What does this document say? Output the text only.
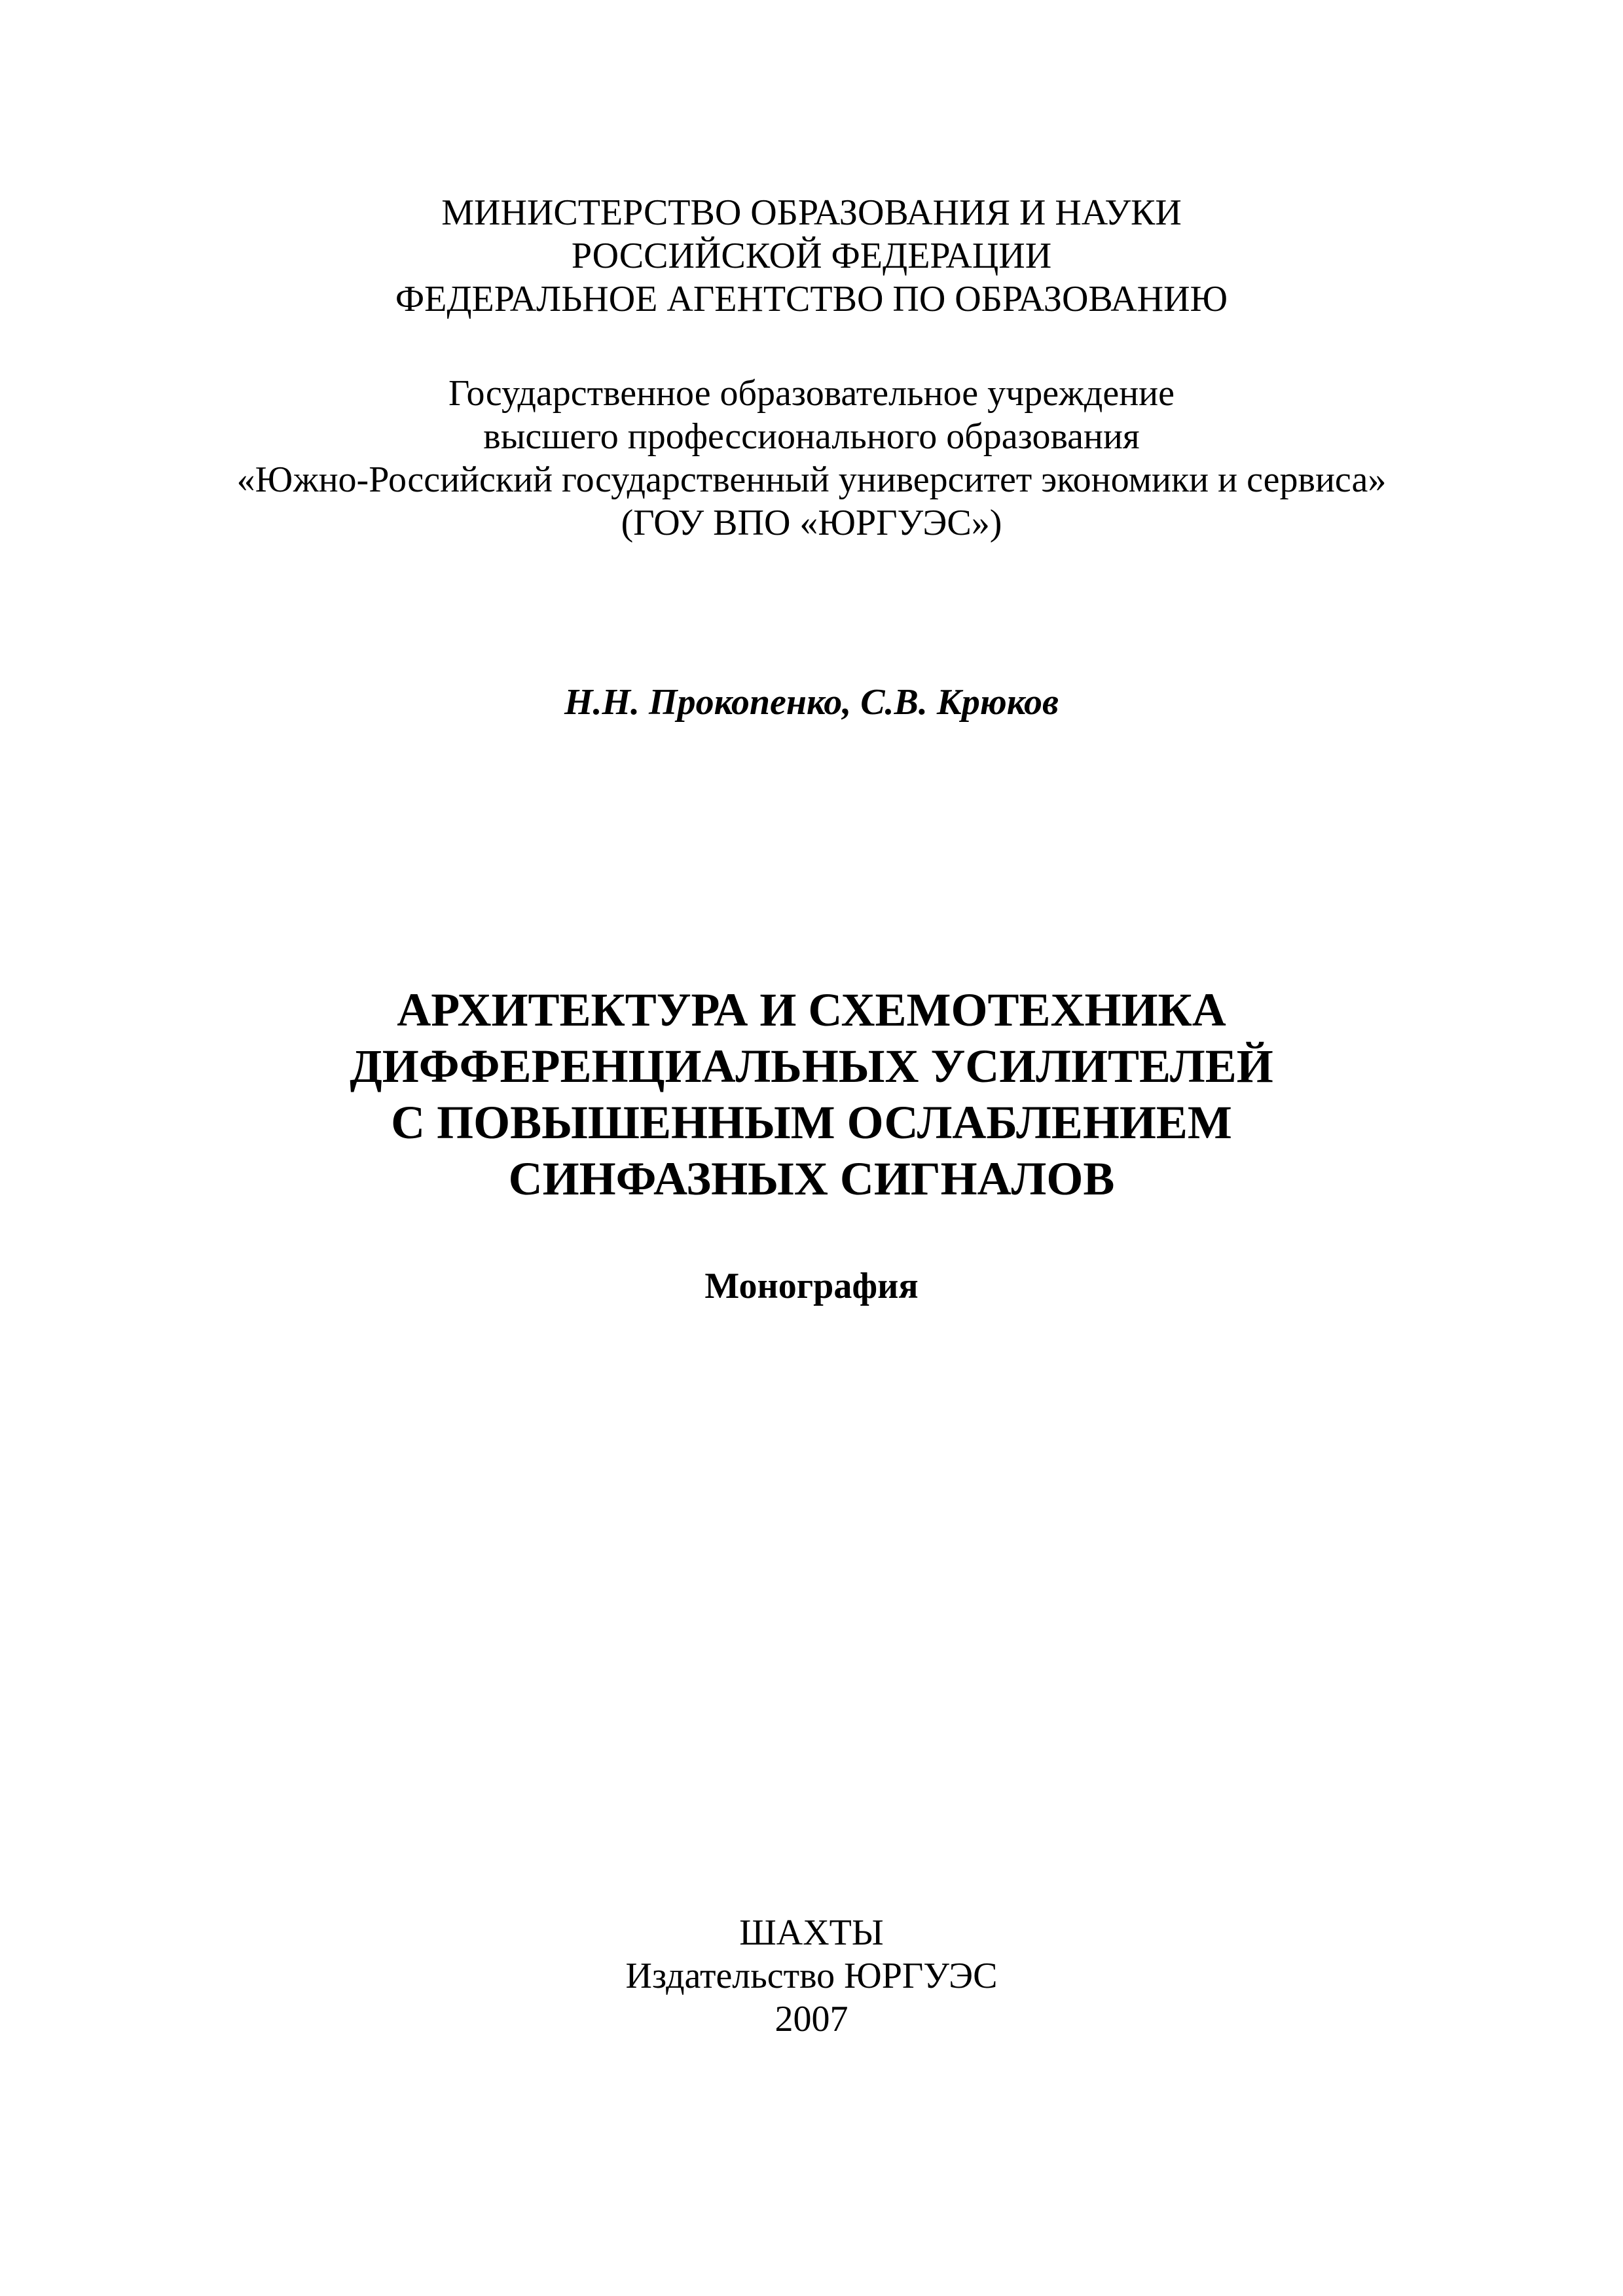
МИНИСТЕРСТВО ОБРАЗОВАНИЯ И НАУКИ
РОССИЙСКОЙ ФЕДЕРАЦИИ
ФЕДЕРАЛЬНОЕ АГЕНТСТВО ПО ОБРАЗОВАНИЮ
Государственное образовательное учреждение
высшего профессионального образования
«Южно-Российский государственный университет экономики и сервиса»
(ГОУ ВПО «ЮРГУЭС»)
Н.Н. Прокопенко, С.В. Крюков
АРХИТЕКТУРА И СХЕМОТЕХНИКА
ДИФФЕРЕНЦИАЛЬНЫХ УСИЛИТЕЛЕЙ
С ПОВЫШЕННЫМ ОСЛАБЛЕНИЕМ
СИНФАЗНЫХ СИГНАЛОВ
Монография
ШАХТЫ
Издательство ЮРГУЭС
2007
